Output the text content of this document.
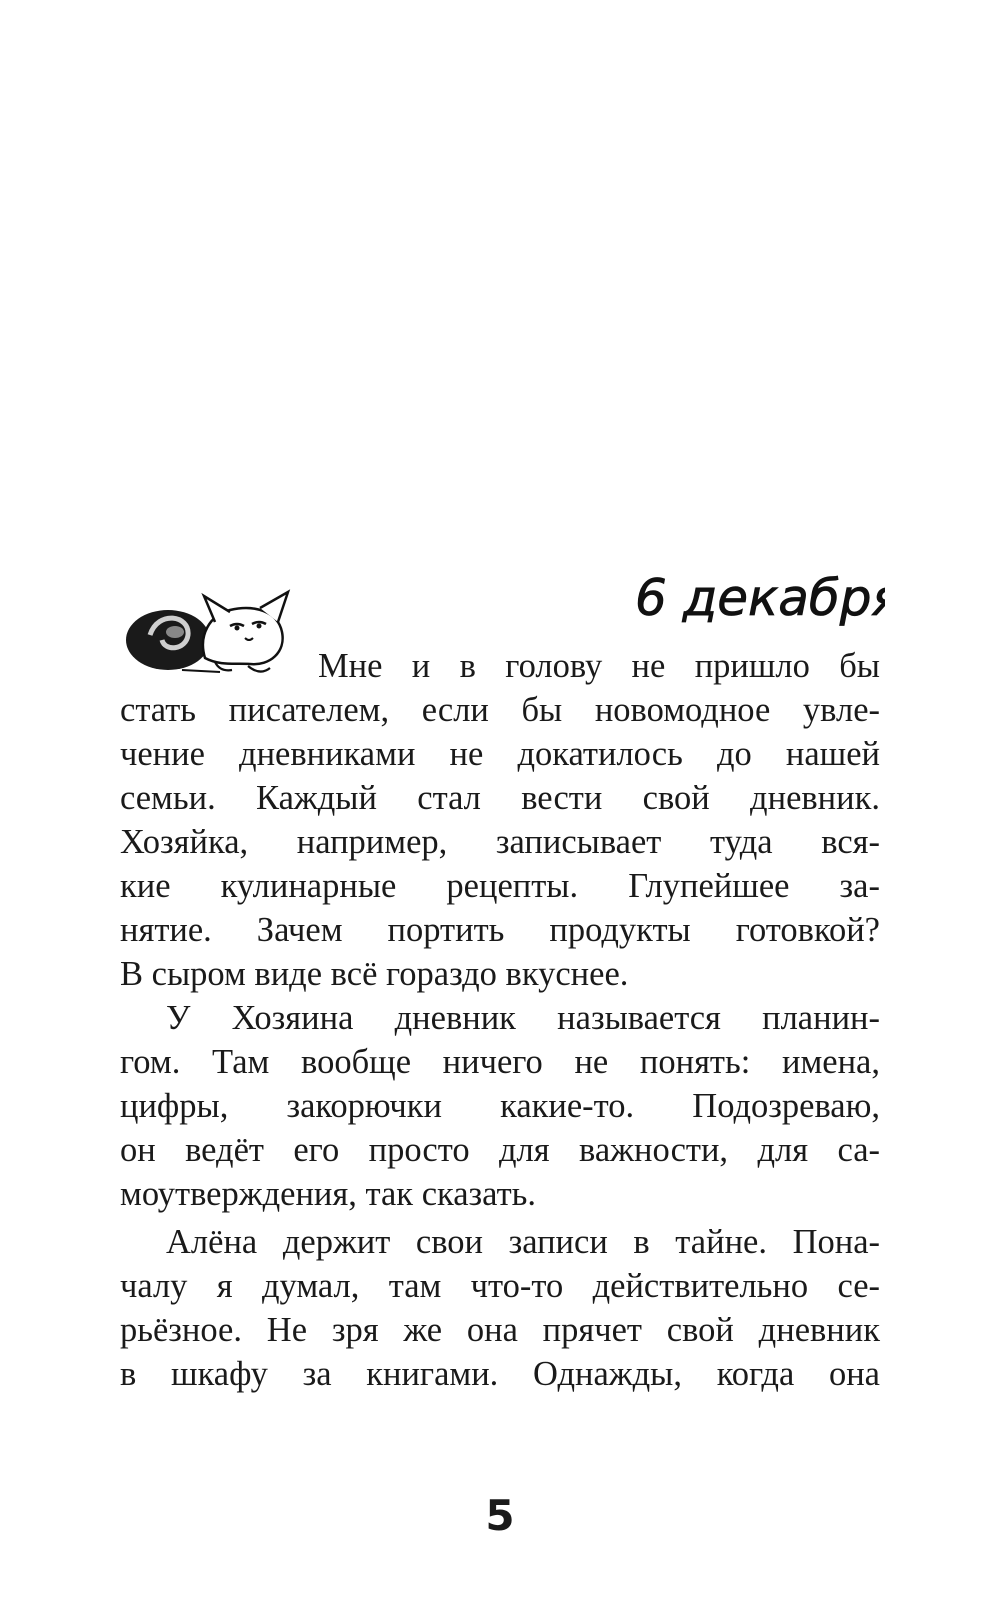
6 декабря
Мне и в голову не пришло бы
стать писателем, если бы новомодное увле-
чение дневниками не докатилось до нашей
семьи. Каждый стал вести свой дневник.
Хозяйка, например, записывает туда вся-
кие кулинарные рецепты. Глупейшее за-
нятие. Зачем портить продукты готовкой?
В сыром виде всё гораздо вкуснее.
У Хозяина дневник называется планин-
гом. Там вообще ничего не понять: имена,
цифры, закорючки какие-то. Подозреваю,
он ведёт его просто для важности, для са-
моутверждения, так сказать.
Алёна держит свои записи в тайне. Пона-
чалу я думал, там что-то действительно се-
рьёзное. Не зря же она прячет свой дневник
в шкафу за книгами. Однажды, когда она
5
